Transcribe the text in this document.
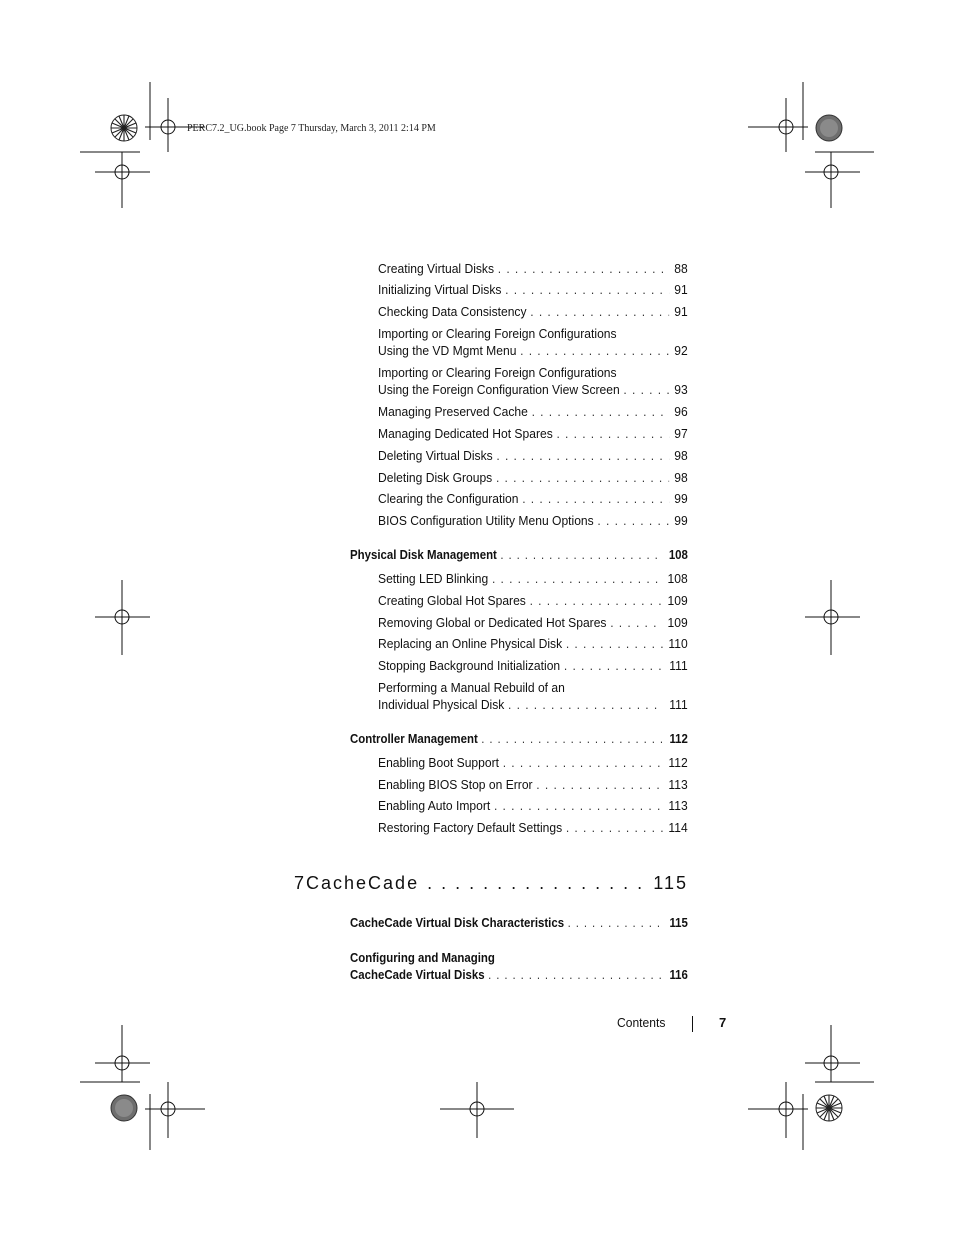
PERC7.2_UG.book Page 7 Thursday, March 3, 2011 2:14 PM
Creating Virtual Disks . . .	88
Initializing Virtual Disks . . .	91
Checking Data Consistency . . .	91
Importing or Clearing Foreign Configurations
Using the VD Mgmt Menu . . .	92
Importing or Clearing Foreign Configurations
Using the Foreign Configuration View Screen . . .	93
Managing Preserved Cache . . .	96
Managing Dedicated Hot Spares . . .	97
Deleting Virtual Disks . . .	98
Deleting Disk Groups . . .	98
Clearing the Configuration . . .	99
BIOS Configuration Utility Menu Options . . .	99
Physical Disk Management . . .	108
Setting LED Blinking . . .	108
Creating Global Hot Spares . . .	109
Removing Global or Dedicated Hot Spares . . .	109
Replacing an Online Physical Disk . . .	110
Stopping Background Initialization . . .	111
Performing a Manual Rebuild of an
Individual Physical Disk . . .	111
Controller Management . . .	112
Enabling Boot Support . . .	112
Enabling BIOS Stop on Error . . .	113
Enabling Auto Import . . .	113
Restoring Factory Default Settings . . .	114
7 CacheCade . . .	115
CacheCade Virtual Disk Characteristics . . .	115
Configuring and Managing
CacheCade Virtual Disks . . .	116
Contents	7
